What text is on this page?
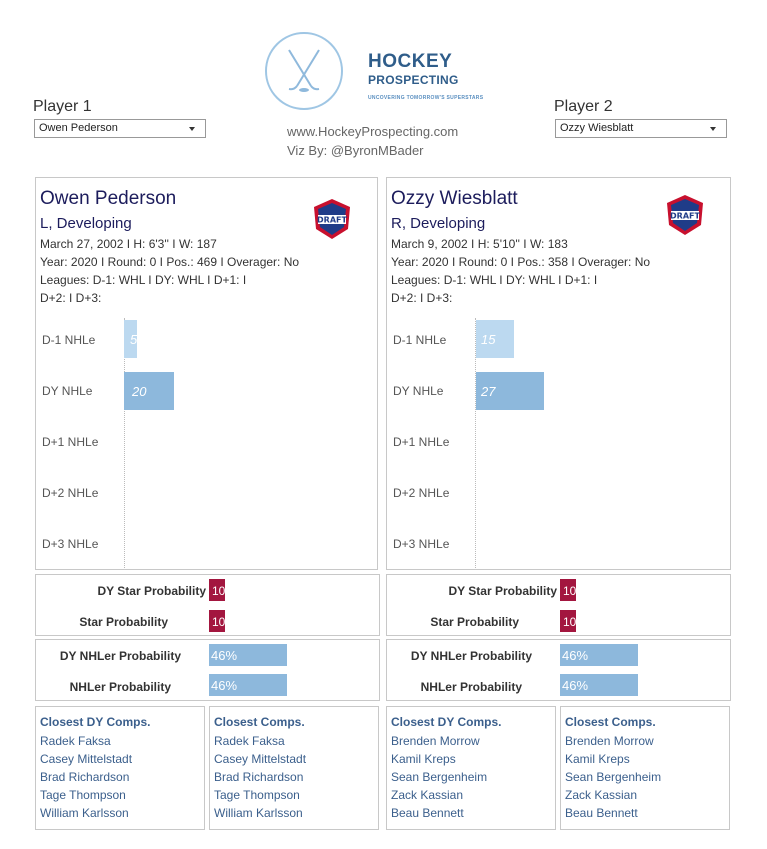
HOCKEY
PROSPECTING
UNCOVERING TOMORROW'S SUPERSTARS
www.HockeyProspecting.com
Viz By: @ByronMBader
Player 1
Owen Pederson
Player 2
Ozzy Wiesblatt
Owen Pederson
L, Developing
March 27, 2002 I H: 6'3'' I W: 187
Year: 2020 I Round: 0 I Pos.: 469 I Overager: No
Leagues: D-1: WHL I DY: WHL I D+1: I
D+2: I D+3:
DRAFT
D-1 NHLe
DY NHLe
D+1 NHLe
D+2 NHLe
D+3 NHLe
5
20
Ozzy Wiesblatt
R, Developing
March 9, 2002 I H: 5'10'' I W: 183
Year: 2020 I Round: 0 I Pos.: 358 I Overager: No
Leagues: D-1: WHL I DY: WHL I D+1: I
D+2: I D+3:
DRAFT
D-1 NHLe
DY NHLe
D+1 NHLe
D+2 NHLe
D+3 NHLe
15
27
DY Star Probability 10
Star Probability	10
DY Star Probability 10
Star Probability	10
DY NHLer Probability 46%
NHLer Probability	46%
DY NHLer Probability 46%
NHLer Probability	46%
Closest DY Comps.
Radek Faksa
Casey Mittelstadt
Brad Richardson
Tage Thompson
William Karlsson
Closest Comps.
Radek Faksa
Casey Mittelstadt
Brad Richardson
Tage Thompson
William Karlsson
Closest DY Comps.
Brenden Morrow
Kamil Kreps
Sean Bergenheim
Zack Kassian
Beau Bennett
Closest Comps.
Brenden Morrow
Kamil Kreps
Sean Bergenheim
Zack Kassian
Beau Bennett
